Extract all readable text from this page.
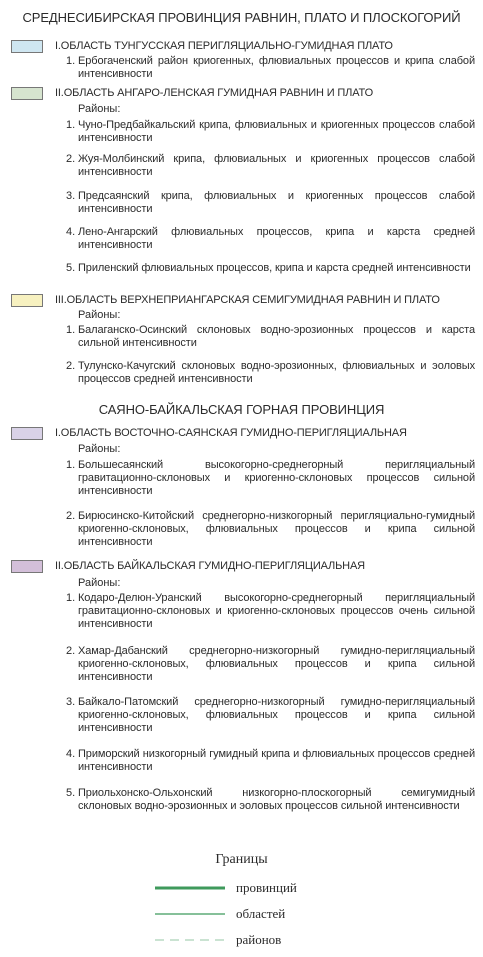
СРЕДНЕСИБИРСКАЯ ПРОВИНЦИЯ РАВНИН, ПЛАТО И ПЛОСКОГОРИЙ
I.ОБЛАСТЬ ТУНГУССКАЯ ПЕРИГЛЯЦИАЛЬНО-ГУМИДНАЯ ПЛАТО
1. Ербогаченский район криогенных, флювиальных процессов и крипа слабой интенсивности
II.ОБЛАСТЬ АНГАРО-ЛЕНСКАЯ ГУМИДНАЯ РАВНИН И ПЛАТО
Районы:
1. Чуно-Предбайкальский крипа, флювиальных и криогенных процессов слабой интенсивности
2. Жуя-Молбинский крипа, флювиальных и криогенных процессов слабой интенсивности
3. Предсаянский крипа, флювиальных и криогенных процессов слабой интенсивности
4. Лено-Ангарский флювиальных процессов, крипа и карста средней интенсивности
5. Приленский флювиальных процессов, крипа и карста средней интенсивности
III.ОБЛАСТЬ ВЕРХНЕПРИАНГАРСКАЯ СЕМИГУМИДНАЯ РАВНИН И ПЛАТО
Районы:
1. Балаганско-Осинский склоновых водно-эрозионных процессов и карста сильной интенсивности
2. Тулунско-Качугский склоновых водно-эрозионных, флювиальных и эоловых процессов средней интенсивности
САЯНО-БАЙКАЛЬСКАЯ ГОРНАЯ ПРОВИНЦИЯ
I.ОБЛАСТЬ ВОСТОЧНО-САЯНСКАЯ ГУМИДНО-ПЕРИГЛЯЦИАЛЬНАЯ
Районы:
1. Большесаянский высокогорно-среднегорный перигляциальный гравитационно-склоновых и криогенно-склоновых процессов сильной интенсивности
2. Бирюсинско-Китойский среднегорно-низкогорный перигляциально-гумидный криогенно-склоновых, флювиальных процессов и крипа сильной интенсивности
II.ОБЛАСТЬ БАЙКАЛЬСКАЯ ГУМИДНО-ПЕРИГЛЯЦИАЛЬНАЯ
Районы:
1. Кодаро-Делюн-Уранский высокогорно-среднегорный перигляциальный гравитационно-склоновых и криогенно-склоновых процессов очень сильной интенсивности
2. Хамар-Дабанский среднегорно-низкогорный гумидно-перигляциальный криогенно-склоновых, флювиальных процессов и крипа сильной интенсивности
3. Байкало-Патомский среднегорно-низкогорный гумидно-перигляциальный криогенно-склоновых, флювиальных процессов и крипа сильной интенсивности
4. Приморский низкогорный гумидный крипа и флювиальных процессов средней интенсивности
5. Приольхонско-Ольхонский низкогорно-плоскогорный семигумидный склоновых водно-эрозионных и эоловых процессов сильной интенсивности
Границы
провинций
областей
районов
